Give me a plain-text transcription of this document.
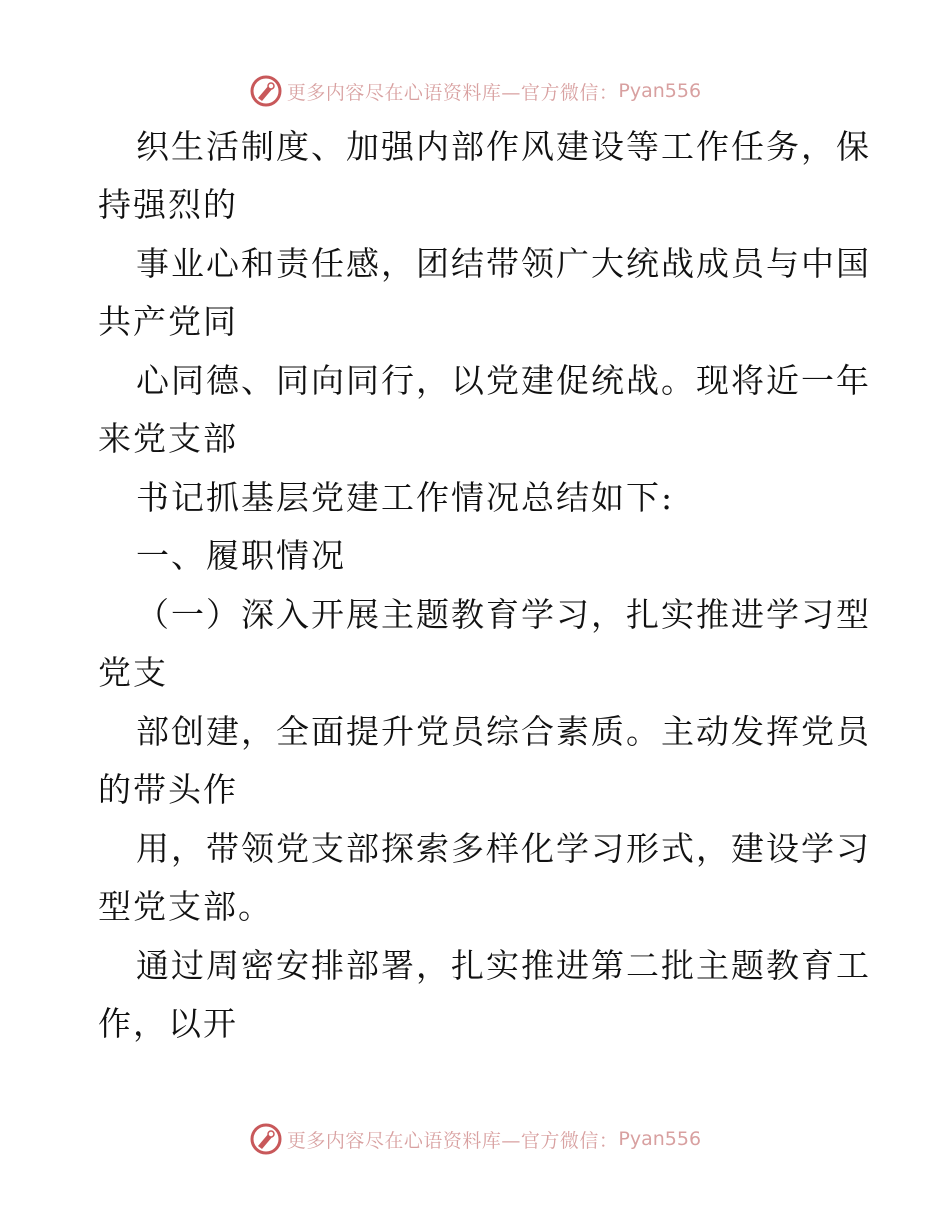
更多内容尽在心语资料库—官方微信： Pyan556
织生活制度、加强内部作风建设等工作任务，保
持强烈的
事业心和责任感，团结带领广大统战成员与中国
共产党同
心同德、同向同行，以党建促统战。现将近一年
来党支部
书记抓基层党建工作情况总结如下:
一、履职情况
（一）深入开展主题教育学习，扎实推进学习型
党支
部创建，全面提升党员综合素质。主动发挥党员
的带头作
用，带领党支部探索多样化学习形式，建设学习
型党支部。
通过周密安排部署，扎实推进第二批主题教育工
作，以开
更多内容尽在心语资料库—官方微信： Pyan556
